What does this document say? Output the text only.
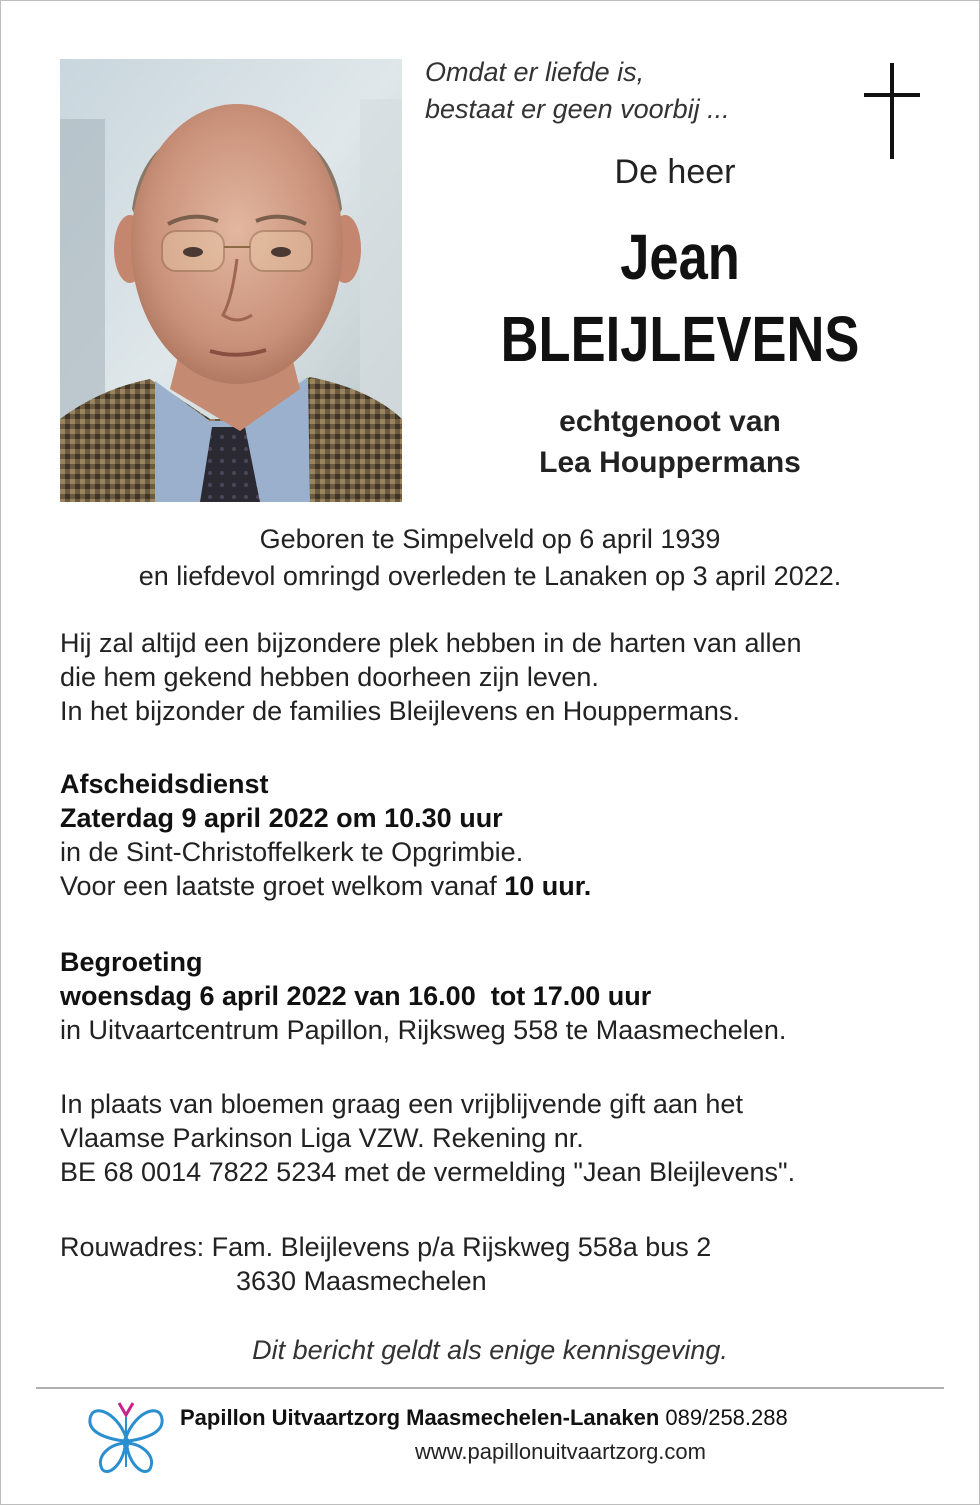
Omdat er liefde is,
bestaat er geen voorbij ...
De heer
Jean
BLEIJLEVENS
echtgenoot van
Lea Houppermans
Geboren te Simpelveld op 6 april 1939
en liefdevol omringd overleden te Lanaken op 3 april 2022.
Hij zal altijd een bijzondere plek hebben in de harten van allen
die hem gekend hebben doorheen zijn leven.
In het bijzonder de families Bleijlevens en Houppermans.
Afscheidsdienst
Zaterdag 9 april 2022 om 10.30 uur
in de Sint-Christoffelkerk te Opgrimbie.
Voor een laatste groet welkom vanaf 10 uur.
Begroeting
woensdag 6 april 2022 van 16.00  tot 17.00 uur
in Uitvaartcentrum Papillon, Rijksweg 558 te Maasmechelen.
In plaats van bloemen graag een vrijblijvende gift aan het
Vlaamse Parkinson Liga VZW. Rekening nr.
BE 68 0014 7822 5234 met de vermelding "Jean Bleijlevens".
Rouwadres: Fam. Bleijlevens p/a Rijskweg 558a bus 2
3630 Maasmechelen
Dit bericht geldt als enige kennisgeving.
Papillon Uitvaartzorg Maasmechelen-Lanaken 089/258.288
www.papillonuitvaartzorg.com
